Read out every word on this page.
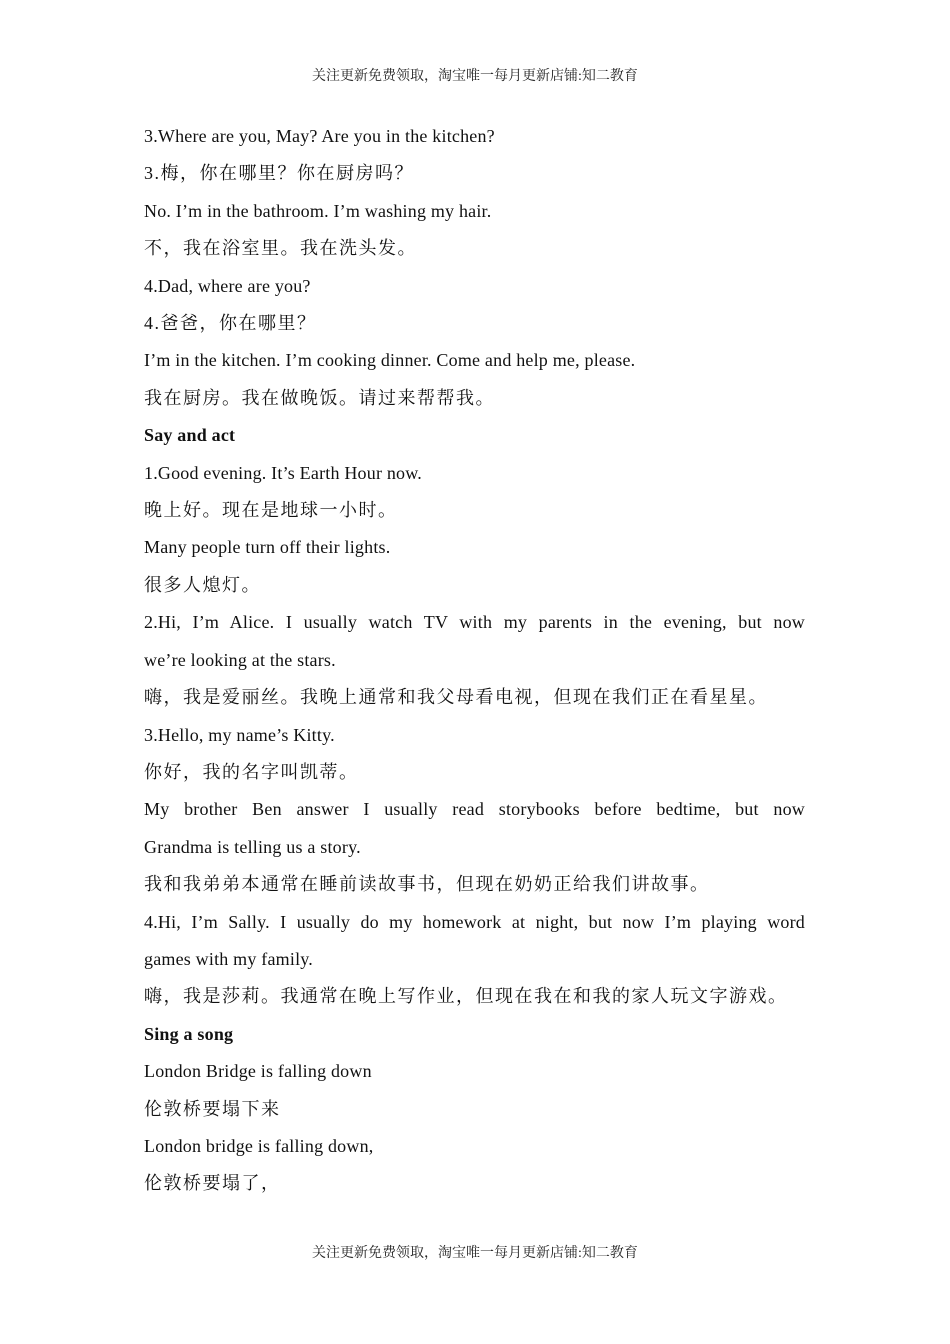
关注更新免费领取，淘宝唯一每月更新店铺:知二教育

3.Where are you, May? Are you in the kitchen?

3.梅，你在哪里？你在厨房吗？

No. I’m in the bathroom. I’m washing my hair.

不，我在浴室里。我在洗头发。

4.Dad, where are you?

4.爸爸，你在哪里？

I’m in the kitchen. I’m cooking dinner. Come and help me, please.

我在厨房。我在做晚饭。请过来帮帮我。

Say and act

1.Good evening. It’s Earth Hour now.

晚上好。现在是地球一小时。

Many people turn off their lights.

很多人熄灯。

2.Hi, I’m Alice. I usually watch TV with my parents in the evening, but now

we’re looking at the stars.

嗨，我是爱丽丝。我晚上通常和我父母看电视，但现在我们正在看星星。

3.Hello, my name’s Kitty.

你好，我的名字叫凯蒂。

My brother Ben answer I usually read storybooks before bedtime, but now

Grandma is telling us a story.

我和我弟弟本通常在睡前读故事书，但现在奶奶正给我们讲故事。

4.Hi, I’m Sally. I usually do my homework at night, but now I’m playing word

games with my family.

嗨，我是莎莉。我通常在晚上写作业，但现在我在和我的家人玩文字游戏。

Sing a song

London Bridge is falling down

伦敦桥要塌下来

London bridge is falling down,

伦敦桥要塌了，

关注更新免费领取，淘宝唯一每月更新店铺:知二教育
